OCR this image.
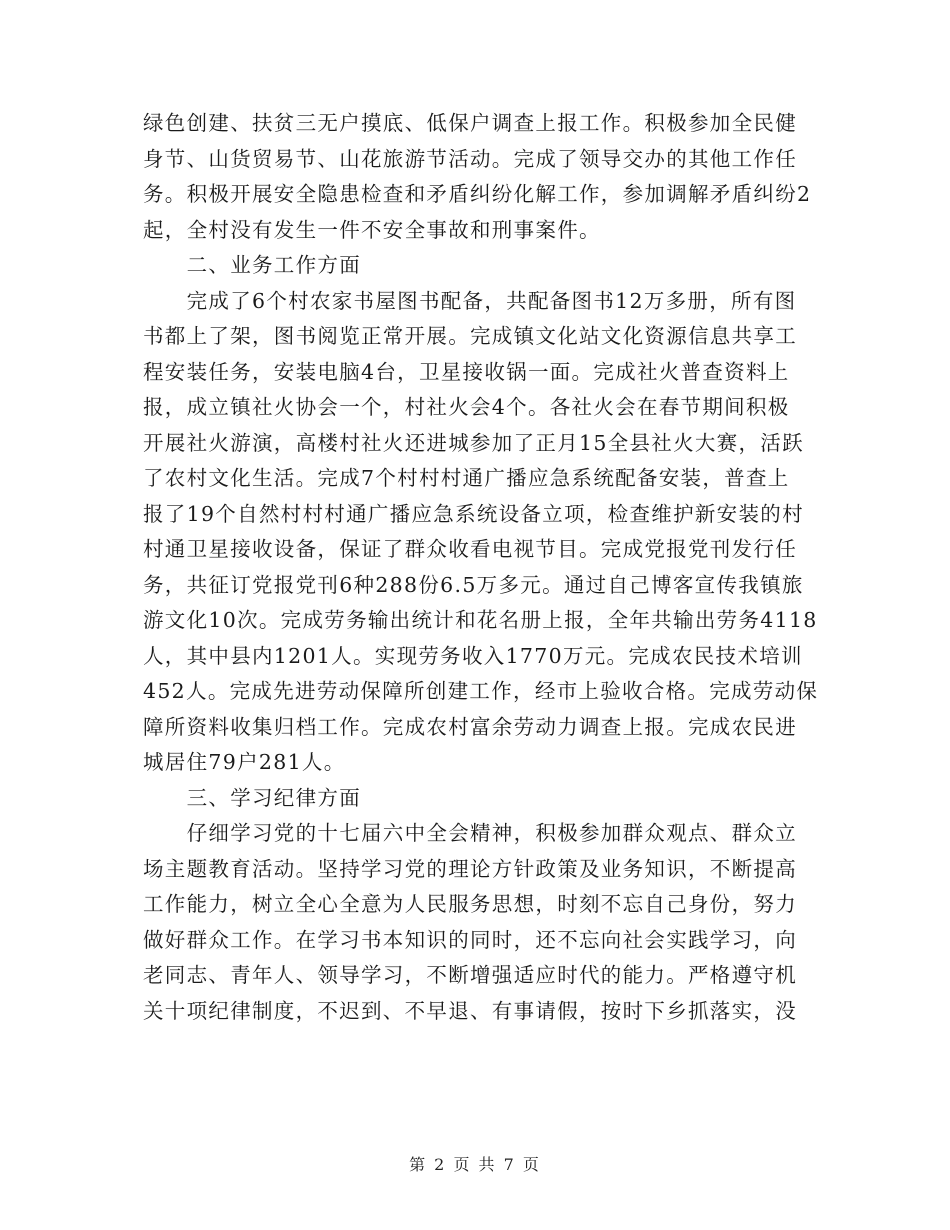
绿色创建、扶贫三无户摸底、低保户调查上报工作。积极参加全民健
身节、山货贸易节、山花旅游节活动。完成了领导交办的其他工作任
务。积极开展安全隐患检查和矛盾纠纷化解工作，参加调解矛盾纠纷2
起，全村没有发生一件不安全事故和刑事案件。
　　二、业务工作方面
　　完成了6个村农家书屋图书配备，共配备图书12万多册，所有图
书都上了架，图书阅览正常开展。完成镇文化站文化资源信息共享工
程安装任务，安装电脑4台，卫星接收锅一面。完成社火普查资料上
报，成立镇社火协会一个，村社火会4个。各社火会在春节期间积极
开展社火游演，高楼村社火还进城参加了正月15全县社火大赛，活跃
了农村文化生活。完成7个村村村通广播应急系统配备安装，普查上
报了19个自然村村村通广播应急系统设备立项，检查维护新安装的村
村通卫星接收设备，保证了群众收看电视节目。完成党报党刊发行任
务，共征订党报党刊6种288份6.5万多元。通过自己博客宣传我镇旅
游文化10次。完成劳务输出统计和花名册上报，全年共输出劳务4118
人，其中县内1201人。实现劳务收入1770万元。完成农民技术培训
452人。完成先进劳动保障所创建工作，经市上验收合格。完成劳动保
障所资料收集归档工作。完成农村富余劳动力调查上报。完成农民进
城居住79户281人。
　　三、学习纪律方面
　　仔细学习党的十七届六中全会精神，积极参加群众观点、群众立
场主题教育活动。坚持学习党的理论方针政策及业务知识，不断提高
工作能力，树立全心全意为人民服务思想，时刻不忘自己身份，努力
做好群众工作。在学习书本知识的同时，还不忘向社会实践学习，向
老同志、青年人、领导学习，不断增强适应时代的能力。严格遵守机
关十项纪律制度，不迟到、不早退、有事请假，按时下乡抓落实，没
第 2 页 共 7 页
